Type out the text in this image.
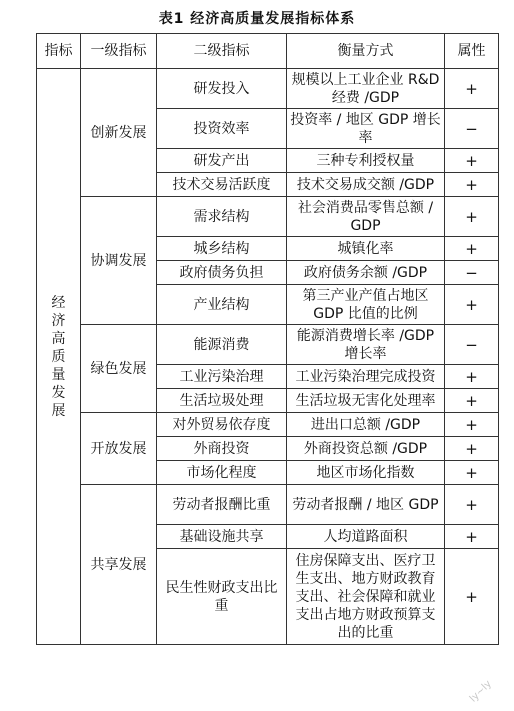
表1 经济高质量发展指标体系
指标	一级指标	二级指标	衡量方式	属性
经济高质量发展	创新发展	研发投入	规模以上工业企业 R&D 经费 /GDP	+
		投资效率	投资率 / 地区 GDP 增长率	−
		研发产出	三种专利授权量	+
		技术交易活跃度	技术交易成交额 /GDP	+
	协调发展	需求结构	社会消费品零售总额 / GDP	+
		城乡结构	城镇化率	+
		政府债务负担	政府债务余额 /GDP	−
		产业结构	第三产业产值占地区 GDP 比值的比例	+
	绿色发展	能源消费	能源消费增长率 /GDP 增长率	−
		工业污染治理	工业污染治理完成投资	+
		生活垃圾处理	生活垃圾无害化处理率	+
	开放发展	对外贸易依存度	进出口总额 /GDP	+
		外商投资	外商投资总额 /GDP	+
		市场化程度	地区市场化指数	+
	共享发展	劳动者报酬比重	劳动者报酬 / 地区 GDP	+
		基础设施共享	人均道路面积	+
		民生性财政支出比重	住房保障支出、医疗卫生支出、地方财政教育支出、社会保障和就业支出占地方财政预算支出的比重	+
ly~ly
